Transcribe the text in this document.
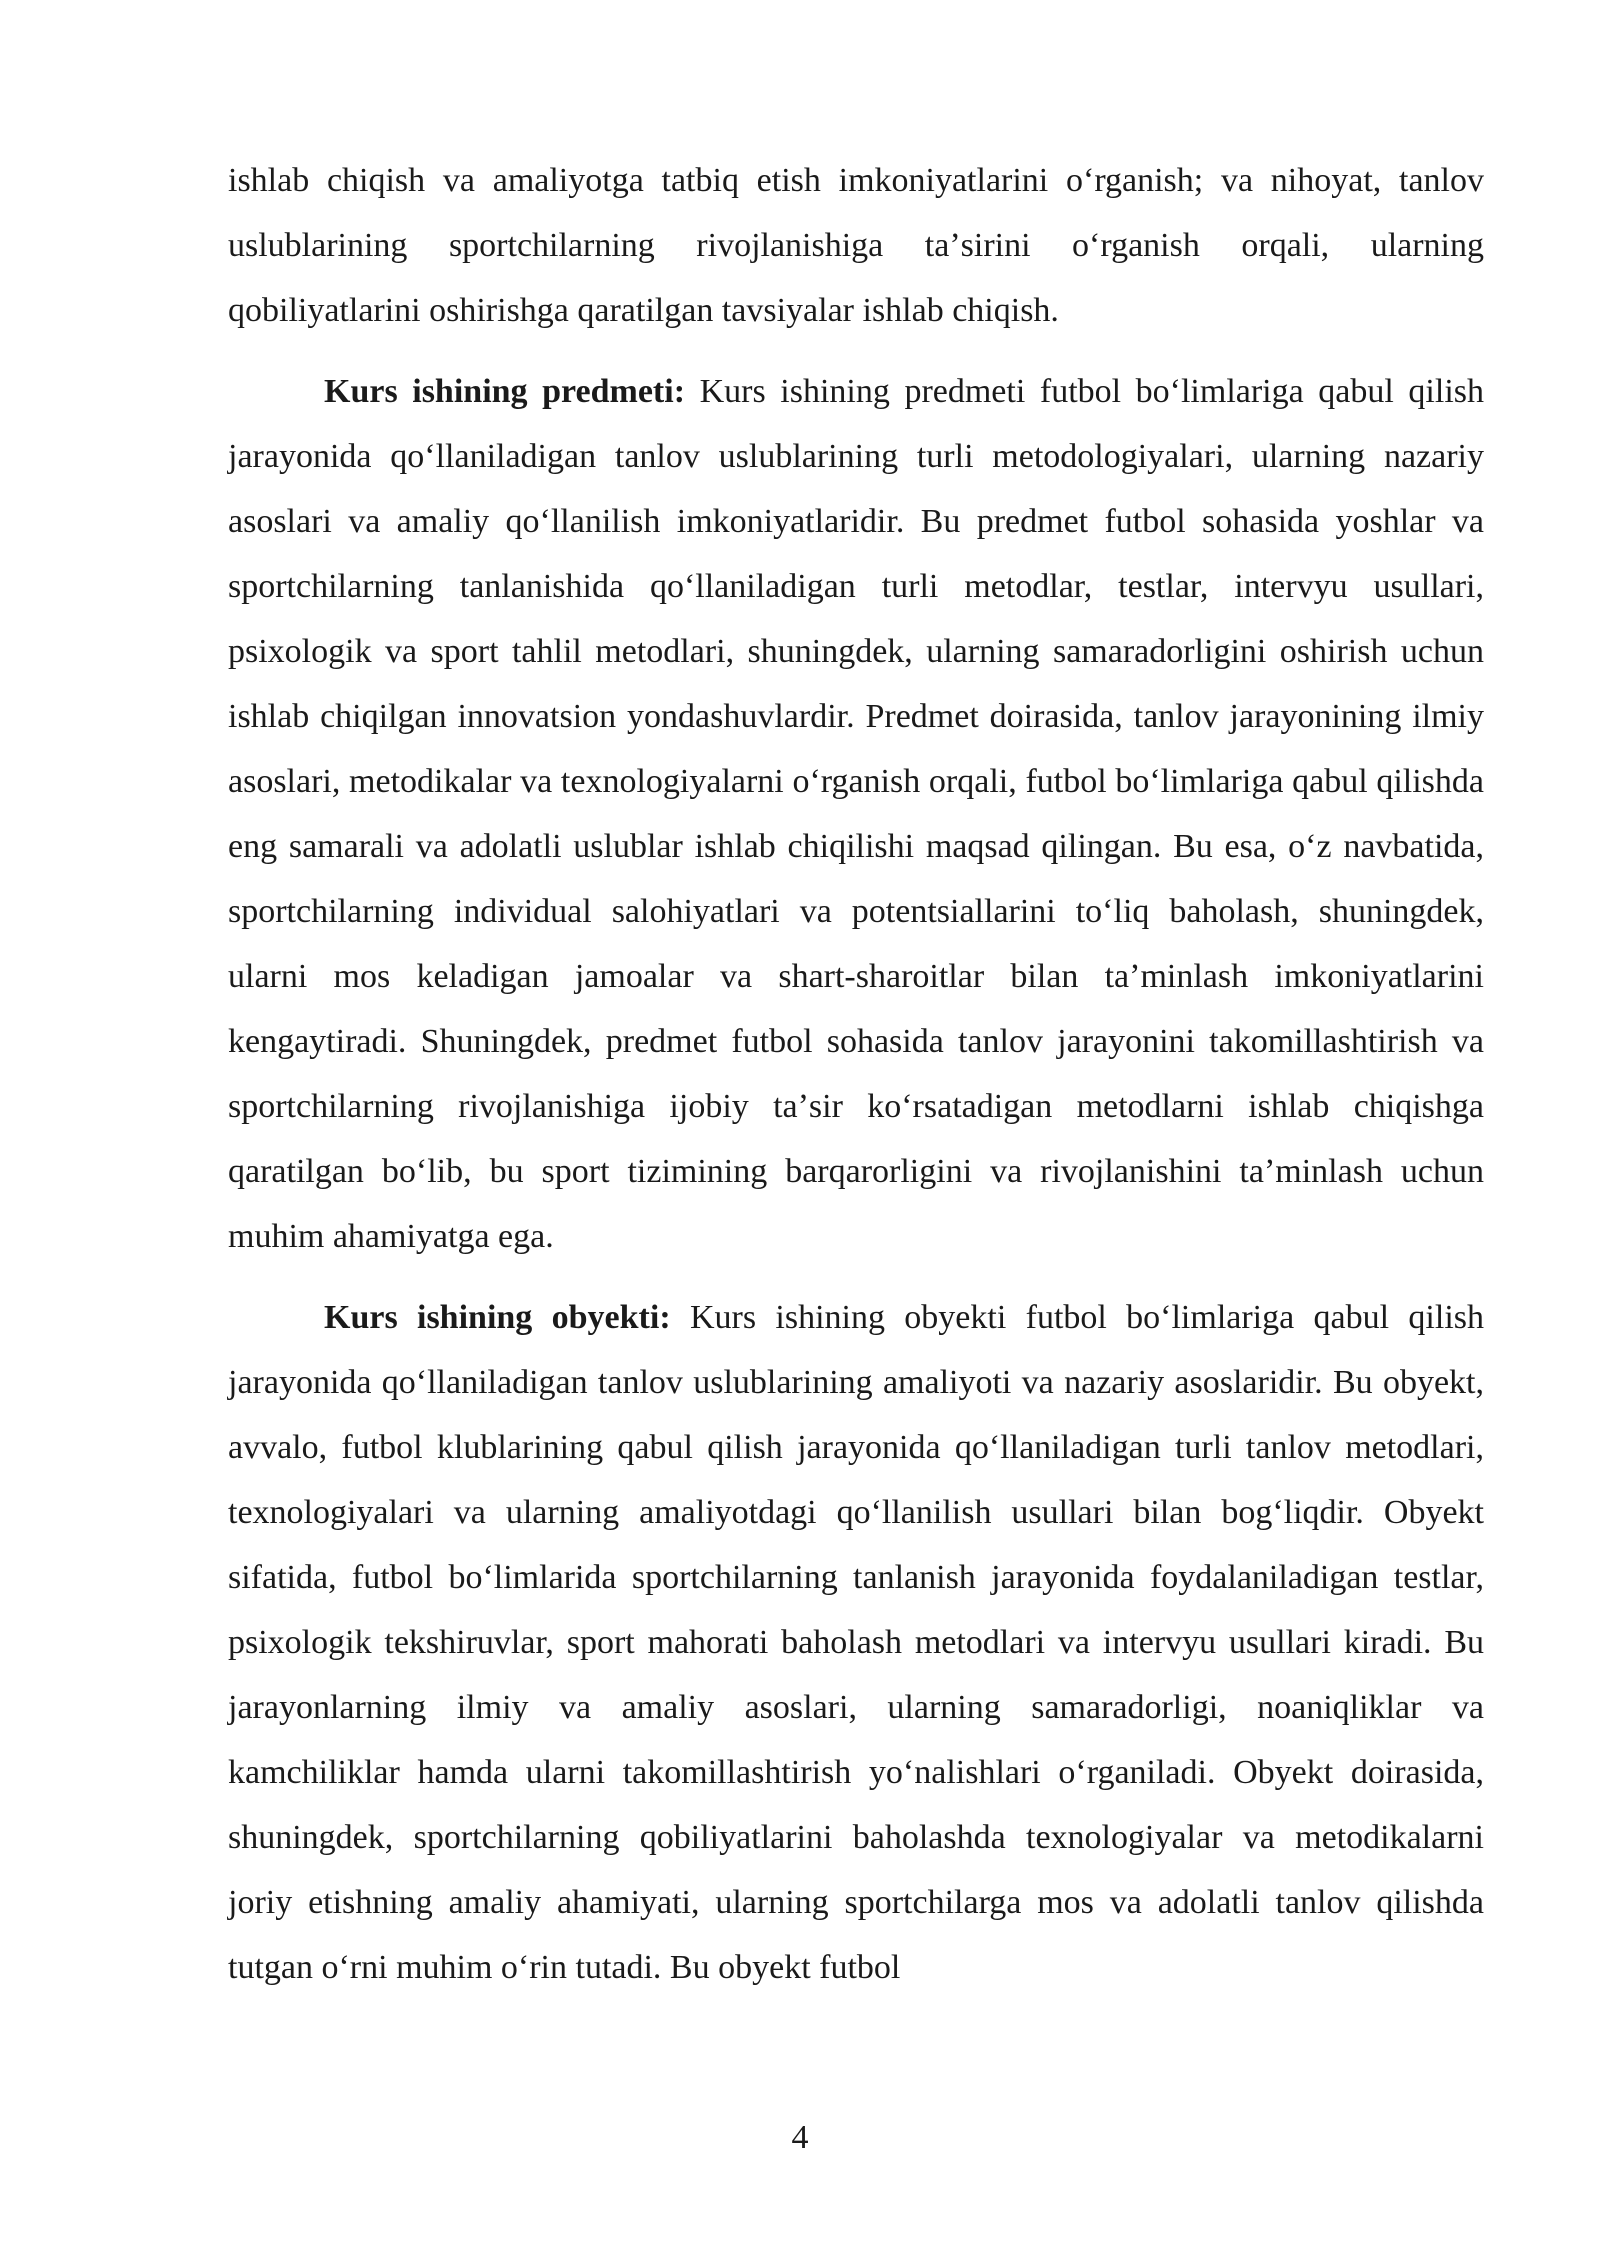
ishlab chiqish va amaliyotga tatbiq etish imkoniyatlarini oʻrganish; va nihoyat, tanlov uslublarining sportchilarning rivojlanishiga taʼsirini oʻrganish orqali, ularning qobiliyatlarini oshirishga qaratilgan tavsiyalar ishlab chiqish.

Kurs ishining predmeti: Kurs ishining predmeti futbol boʻlimlariga qabul qilish jarayonida qoʻllaniladigan tanlov uslublarining turli metodologiyalari, ularning nazariy asoslari va amaliy qoʻllanilish imkoniyatlaridir. Bu predmet futbol sohasida yoshlar va sportchilarning tanlanishida qoʻllaniladigan turli metodlar, testlar, intervyu usullari, psixologik va sport tahlil metodlari, shuningdek, ularning samaradorligini oshirish uchun ishlab chiqilgan innovatsion yondashuvlardir. Predmet doirasida, tanlov jarayonining ilmiy asoslari, metodikalar va texnologiyalarni oʻrganish orqali, futbol boʻlimlariga qabul qilishda eng samarali va adolatli uslublar ishlab chiqilishi maqsad qilingan. Bu esa, oʻz navbatida, sportchilarning individual salohiyatlari va potentsiallarini toʻliq baholash, shuningdek, ularni mos keladigan jamoalar va shart-sharoitlar bilan taʼminlash imkoniyatlarini kengaytiradi. Shuningdek, predmet futbol sohasida tanlov jarayonini takomillashtirish va sportchilarning rivojlanishiga ijobiy taʼsir koʻrsatadigan metodlarni ishlab chiqishga qaratilgan boʻlib, bu sport tizimining barqarorligini va rivojlanishini taʼminlash uchun muhim ahamiyatga ega.

Kurs ishining obyekti: Kurs ishining obyekti futbol boʻlimlariga qabul qilish jarayonida qoʻllaniladigan tanlov uslublarining amaliyoti va nazariy asoslaridir. Bu obyekt, avvalo, futbol klublarining qabul qilish jarayonida qoʻllaniladigan turli tanlov metodlari, texnologiyalari va ularning amaliyotdagi qoʻllanilish usullari bilan bogʻliqdir. Obyekt sifatida, futbol boʻlimlarida sportchilarning tanlanish jarayonida foydalaniladigan testlar, psixologik tekshiruvlar, sport mahorati baholash metodlari va intervyu usullari kiradi. Bu jarayonlarning ilmiy va amaliy asoslari, ularning samaradorligi, noaniqliklar va kamchiliklar hamda ularni takomillashtirish yoʻnalishlari oʻrganiladi. Obyekt doirasida, shuningdek, sportchilarning qobiliyatlarini baholashda texnologiyalar va metodikalarni joriy etishning amaliy ahamiyati, ularning sportchilarga mos va adolatli tanlov qilishda tutgan oʻrni muhim oʻrin tutadi. Bu obyekt futbol

4
